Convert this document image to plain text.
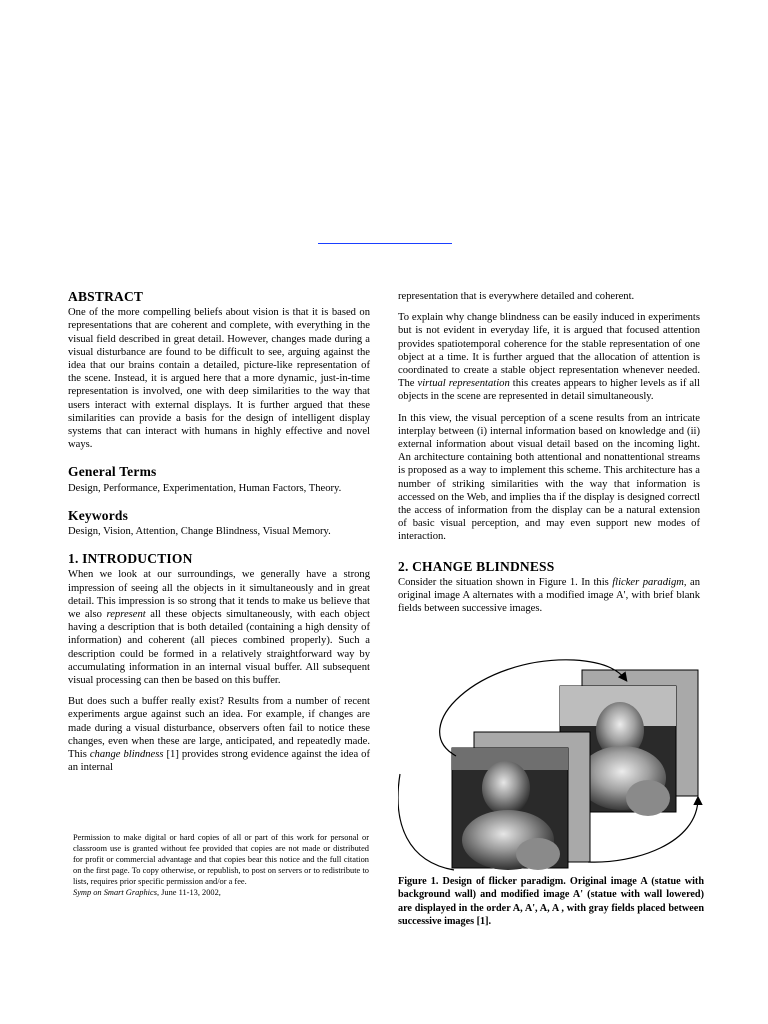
ABSTRACT

One of the more compelling beliefs about vision is that it is based on representations that are coherent and complete, with everything in the visual field described in great detail. However, changes made during a visual disturbance are found to be difficult to see, arguing against the idea that our brains contain a detailed, picture-like representation of the scene. Instead, it is argued here that a more dynamic, just-in-time representation is involved, one with deep similarities to the way that users interact with external displays. It is further argued that these similarities can provide a basis for the design of intelligent display systems that can interact with humans in highly effective and novel ways.

General Terms

Design, Performance, Experimentation, Human Factors, Theory.

Keywords

Design, Vision, Attention, Change Blindness, Visual Memory.

1. INTRODUCTION

When we look at our surroundings, we generally have a strong impression of seeing all the objects in it simultaneously and in great detail. This impression is so strong that it tends to make us believe that we also represent all these objects simultaneously, with each object having a description that is both detailed (containing a high density of information) and coherent (all pieces combined properly). Such a description could be formed in a relatively straightforward way by accumulating information in an internal visual buffer. All subsequent visual processing can then be based on this buffer.

But does such a buffer really exist? Results from a number of recent experiments argue against such an idea. For example, if changes are made during a visual disturbance, observers often fail to notice these changes, even when these are large, anticipated, and repeatedly made. This change blindness [1] provides strong evidence against the idea of an internal

Permission to make digital or hard copies of all or part of this work for personal or classroom use is granted without fee provided that copies are not made or distributed for profit or commercial advantage and that copies bear this notice and the full citation on the first page. To copy otherwise, or republish, to post on servers or to redistribute to lists, requires prior specific permission and/or a fee.

Symp on Smart Graphics, June 11-13, 2002,

representation that is everywhere detailed and coherent.

To explain why change blindness can be easily induced in experiments but is not evident in everyday life, it is argued that focused attention provides spatiotemporal coherence for the stable representation of one object at a time. It is further argued that the allocation of attention is coordinated to create a stable object representation whenever needed. The virtual representation this creates appears to higher levels as if all objects in the scene are represented in detail simultaneously.

In this view, the visual perception of a scene results from an intricate interplay between (i) internal information based on knowledge and (ii) external information about visual detail based on the incoming light. An architecture containing both attentional and nonattentional streams is proposed as a way to implement this scheme. This architecture has a number of striking similarities with the way that information is accessed on the Web, and implies tha if the display is designed correctl the access of information from the display can be a natural extension of basic visual perception, and may even support new modes of interaction.

2. CHANGE BLINDNESS

Consider the situation shown in Figure 1. In this flicker paradigm, an original image A alternates with a modified image A', with brief blank fields between successive images.

Figure 1. Design of flicker paradigm. Original image A (statue with background wall) and modified image A' (statue with wall lowered) are displayed in the order A, A', A, A , with gray fields placed between successive images [1].
